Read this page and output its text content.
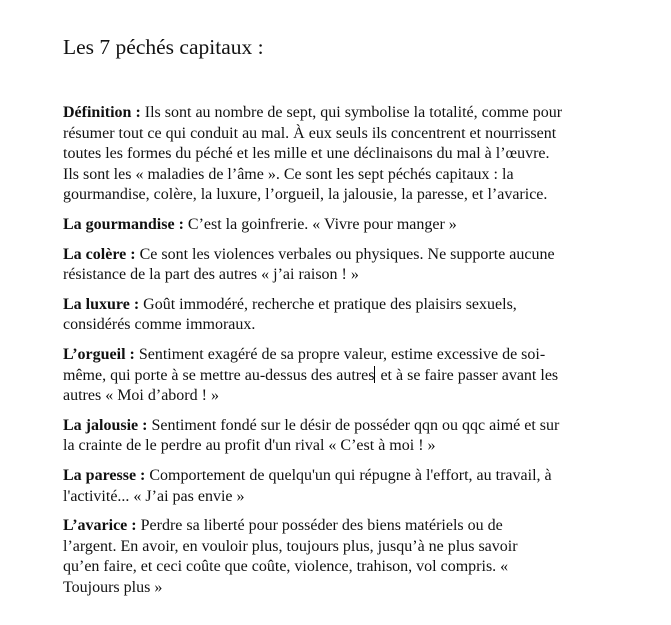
Les 7 péchés capitaux :

Définition : Ils sont au nombre de sept, qui symbolise la totalité, comme pour
résumer tout ce qui conduit au mal. À eux seuls ils concentrent et nourrissent
toutes les formes du péché et les mille et une déclinaisons du mal à l’œuvre.
Ils sont les « maladies de l’âme ». Ce sont les sept péchés capitaux : la
gourmandise, colère, la luxure, l’orgueil, la jalousie, la paresse, et l’avarice.

La gourmandise : C’est la goinfrerie. « Vivre pour manger »

La colère : Ce sont les violences verbales ou physiques. Ne supporte aucune
résistance de la part des autres « j’ai raison ! »

La luxure : Goût immodéré, recherche et pratique des plaisirs sexuels,
considérés comme immoraux.

L’orgueil : Sentiment exagéré de sa propre valeur, estime excessive de soi-
même, qui porte à se mettre au-dessus des autres et à se faire passer avant les
autres « Moi d’abord ! »

La jalousie : Sentiment fondé sur le désir de posséder qqn ou qqc aimé et sur
la crainte de le perdre au profit d'un rival « C’est à moi ! »

La paresse : Comportement de quelqu'un qui répugne à l'effort, au travail, à
l'activité... « J’ai pas envie »

L’avarice : Perdre sa liberté pour posséder des biens matériels ou de
l’argent. En avoir, en vouloir plus, toujours plus, jusqu’à ne plus savoir
qu’en faire, et ceci coûte que coûte, violence, trahison, vol compris. «
Toujours plus »
